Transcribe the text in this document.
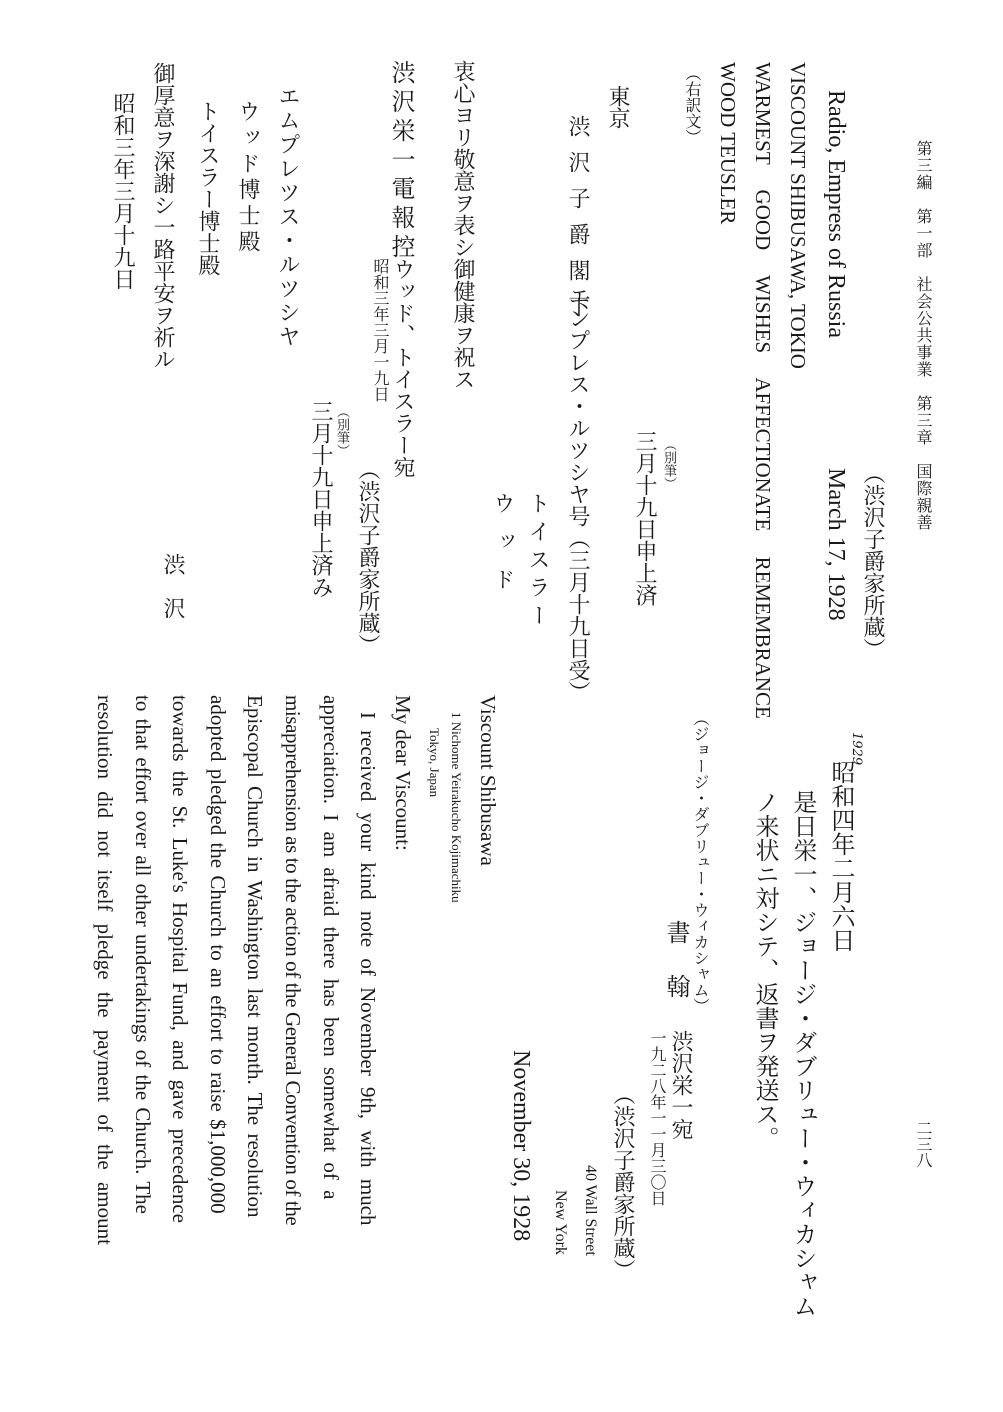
第三編　第一部　社会公共事業　第三章　国際親善
二三八
（渋沢子爵家所蔵）
Radio, Empress of Russia
March 17, 1928
VISCOUNT SHIBUSAWA, TOKIO
WARMEST GOOD WISHES AFFECTIONATE REMEMBRANCE
WOOD TEUSLER
（右訳文）
（別筆）
三月十九日申上済
東京
渋沢子爵閣下
エンプレス・ルツシヤ号（三月十九日受）
トイスラー
ウッド
衷心ヨリ敬意ヲ表シ御健康ヲ祝ス
（渋沢子爵家所蔵）
渋沢栄一電報控
ウッド、トイスラー宛
昭和三年三月一九日
（別筆）
三月十九日申上済み
エムプレツス・ルツシヤ
ウッド博士殿
トイスラー博士殿
御厚意ヲ深謝シ一路平安ヲ祈ル
渋沢
昭和三年三月十九日
1929
昭和四年二月六日
是日栄一、ジョージ・ダブリュー・ウィカシャム
ノ来状ニ対シテ、返書ヲ発送ス。
（渋沢子爵家所蔵）
（ジョージ・ダブリュー・ウィカシャム）
書翰
渋沢栄一宛
一九二八年一一月三〇日
40 Wall Street
New York
November 30, 1928
Viscount Shibusawa
1 Nichome Yeirakucho Kojimachiku
Tokyo, Japan
My dear Viscount:
I received your kind note of November 9th, with much
appreciation. I am afraid there has been somewhat of a
misapprehension as to the action of the General Convention of the
Episcopal Church in Washington last month. The resolution
adopted pledged the Church to an effort to raise $1,000,000
towards the St. Luke's Hospital Fund, and gave precedence
to that effort over all other undertakings of the Church. The
resolution did not itself pledge the payment of the amount
